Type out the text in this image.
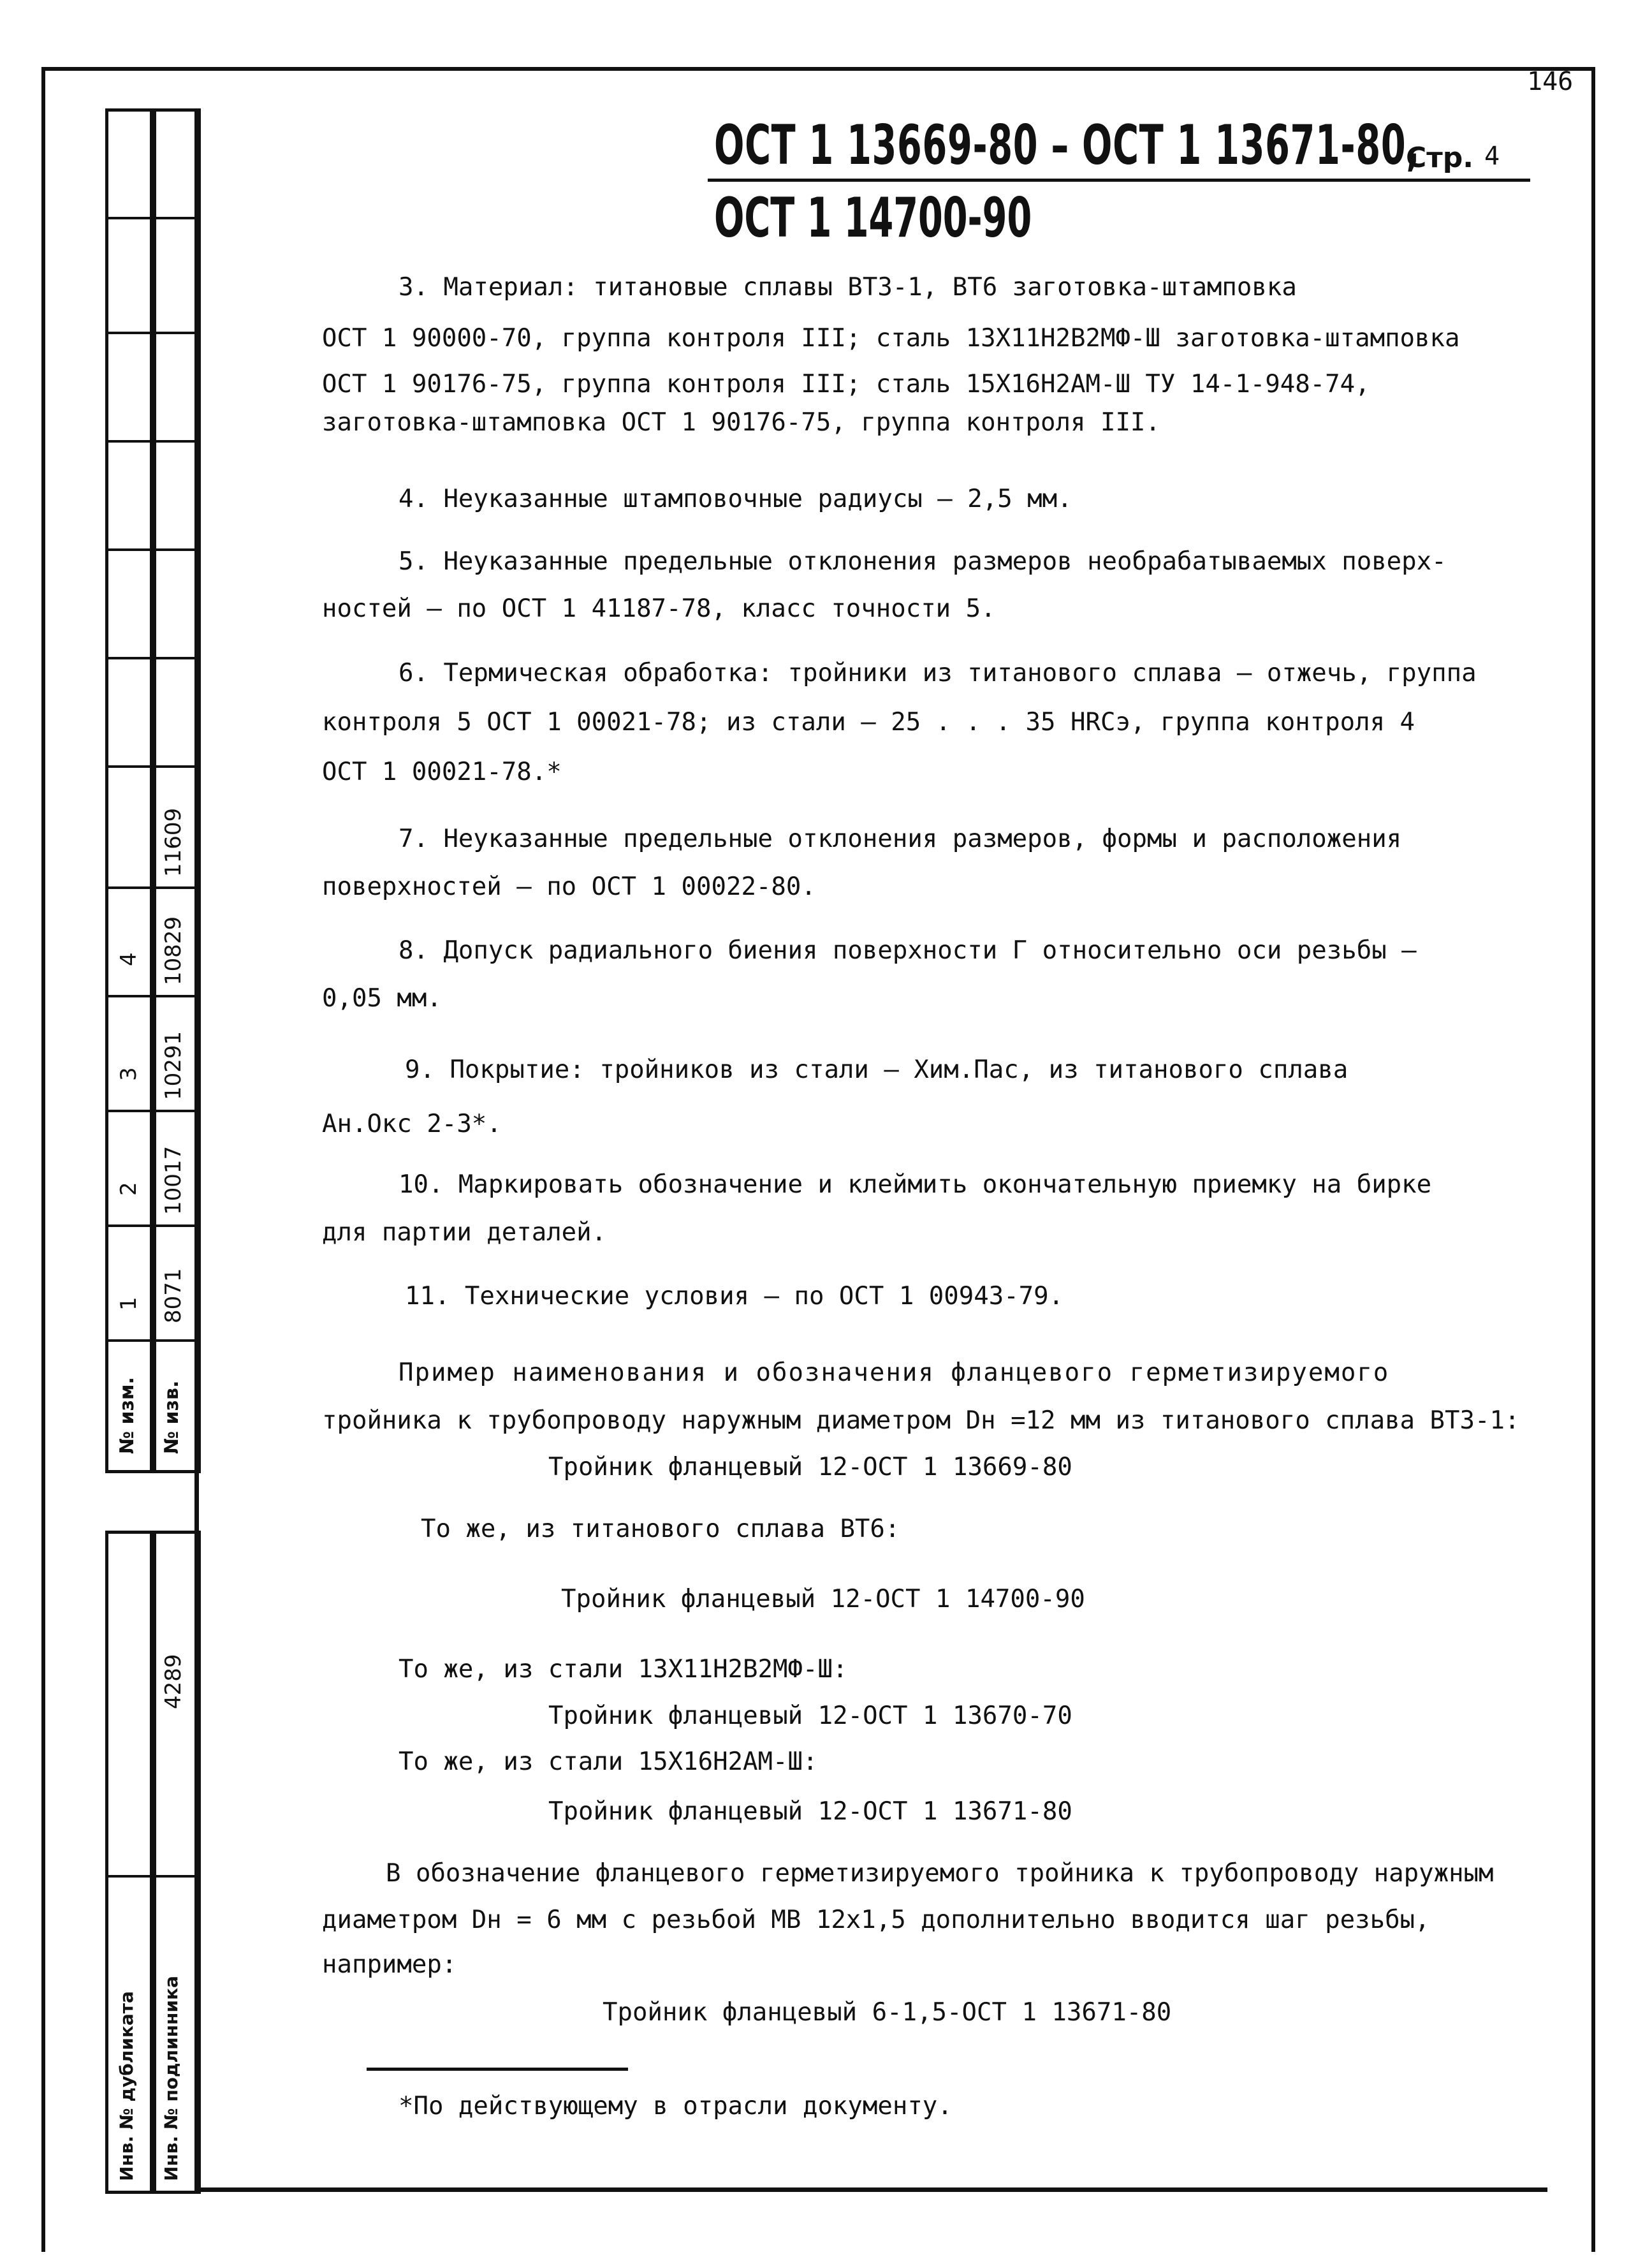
146
ОСТ 1 13669-80 – ОСТ 1 13671-80,
Стр. 4
ОСТ 1 14700-90
3. Материал: титановые сплавы ВТ3-1, ВТ6 заготовка-штамповка
ОСТ 1 90000-70, группа контроля III; сталь 13Х11Н2В2МФ-Ш заготовка-штамповка
ОСТ 1 90176-75, группа контроля III; сталь 15Х16Н2АМ-Ш ТУ 14-1-948-74,
заготовка-штамповка ОСТ 1 90176-75, группа контроля III.
4. Неуказанные штамповочные радиусы – 2,5 мм.
5. Неуказанные предельные отклонения размеров необрабатываемых поверх-
ностей – по ОСТ 1 41187-78, класс точности 5.
6. Термическая обработка: тройники из титанового сплава – отжечь, группа
контроля 5 ОСТ 1 00021-78; из стали – 25 . . . 35 HRCэ, группа контроля 4
ОСТ 1 00021-78.*
7. Неуказанные предельные отклонения размеров, формы и расположения
поверхностей – по ОСТ 1 00022-80.
8. Допуск радиального биения поверхности Г относительно оси резьбы –
0,05 мм.
9. Покрытие: тройников из стали – Хим.Пас, из титанового сплава
Ан.Окс 2-3*.
10. Маркировать обозначение и клеймить окончательную приемку на бирке
для партии деталей.
11. Технические условия – по ОСТ 1 00943-79.
Пример наименования и обозначения фланцевого герметизируемого
тройника к трубопроводу наружным диаметром Dн =12 мм из титанового сплава ВТ3-1:
Тройник фланцевый 12-ОСТ 1 13669-80
То же, из титанового сплава ВТ6:
Тройник фланцевый 12-ОСТ 1 14700-90
То же, из стали 13Х11Н2В2МФ-Ш:
Тройник фланцевый 12-ОСТ 1 13670-70
То же, из стали 15Х16Н2АМ-Ш:
Тройник фланцевый 12-ОСТ 1 13671-80
В обозначение фланцевого герметизируемого тройника к трубопроводу наружным
диаметром Dн = 6 мм с резьбой МВ 12х1,5 дополнительно вводится шаг резьбы,
например:
Тройник фланцевый 6-1,5-ОСТ 1 13671-80
*По действующему в отрасли документу.
4 10829
11609
3 10291
2 10017
1 8071
№ изм. № изв.
4289
Инв. № дубликата Инв. № подлинника
